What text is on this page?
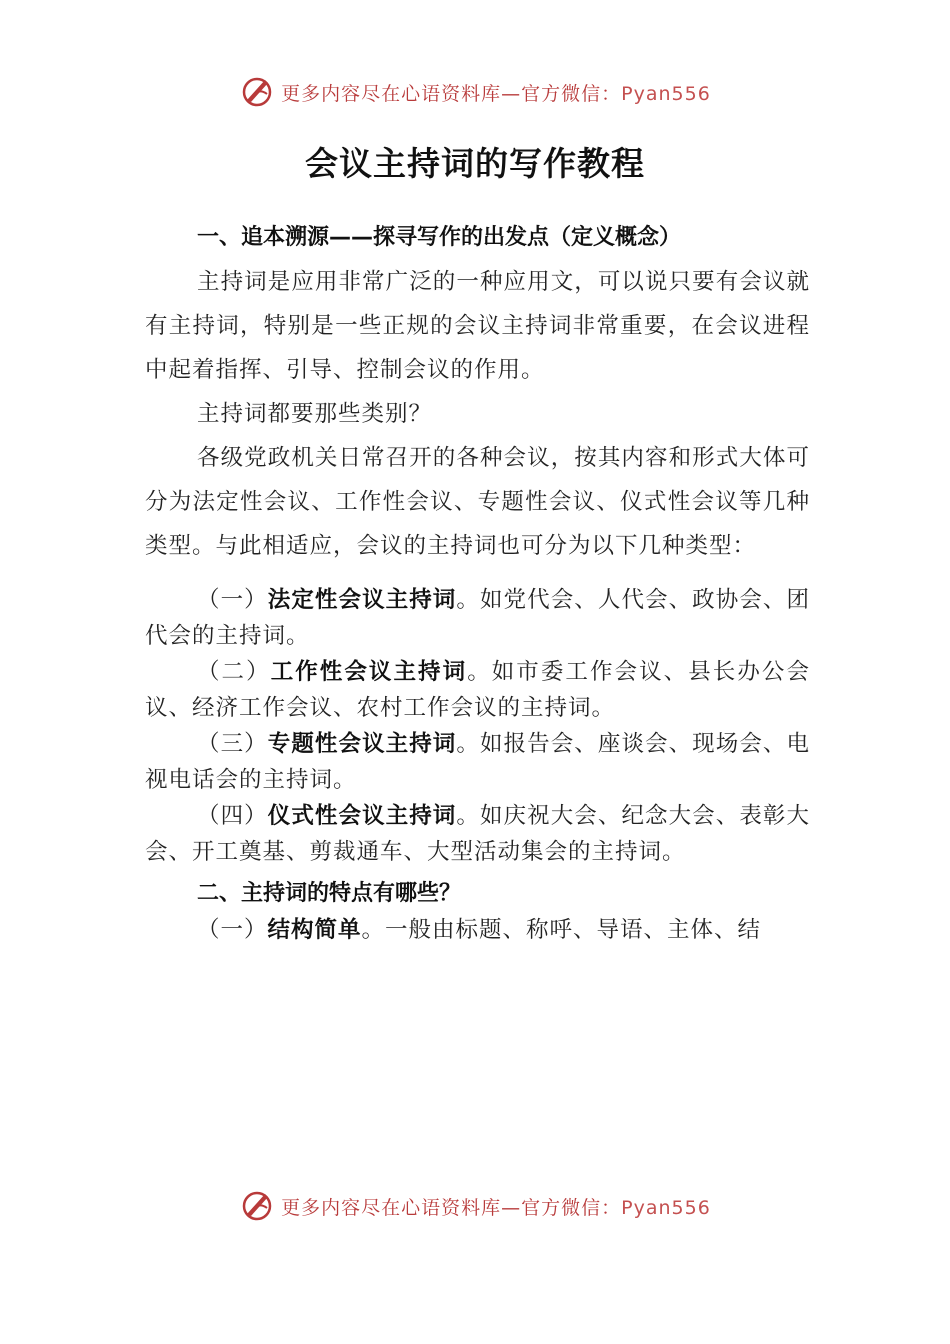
更多内容尽在心语资料库—官方微信：Pyan556
会议主持词的写作教程

一、追本溯源——探寻写作的出发点（定义概念）

主持词是应用非常广泛的一种应用文，可以说只要有会议就有主持词，特别是一些正规的会议主持词非常重要，在会议进程中起着指挥、引导、控制会议的作用。

主持词都要那些类别？

各级党政机关日常召开的各种会议，按其内容和形式大体可分为法定性会议、工作性会议、专题性会议、仪式性会议等几种类型。与此相适应，会议的主持词也可分为以下几种类型：

（一）法定性会议主持词。如党代会、人代会、政协会、团代会的主持词。

（二）工作性会议主持词。如市委工作会议、县长办公会议、经济工作会议、农村工作会议的主持词。

（三）专题性会议主持词。如报告会、座谈会、现场会、电视电话会的主持词。

（四）仪式性会议主持词。如庆祝大会、纪念大会、表彰大会、开工奠基、剪裁通车、大型活动集会的主持词。

二、主持词的特点有哪些？

（一）结构简单。一般由标题、称呼、导语、主体、结

更多内容尽在心语资料库—官方微信：Pyan556
